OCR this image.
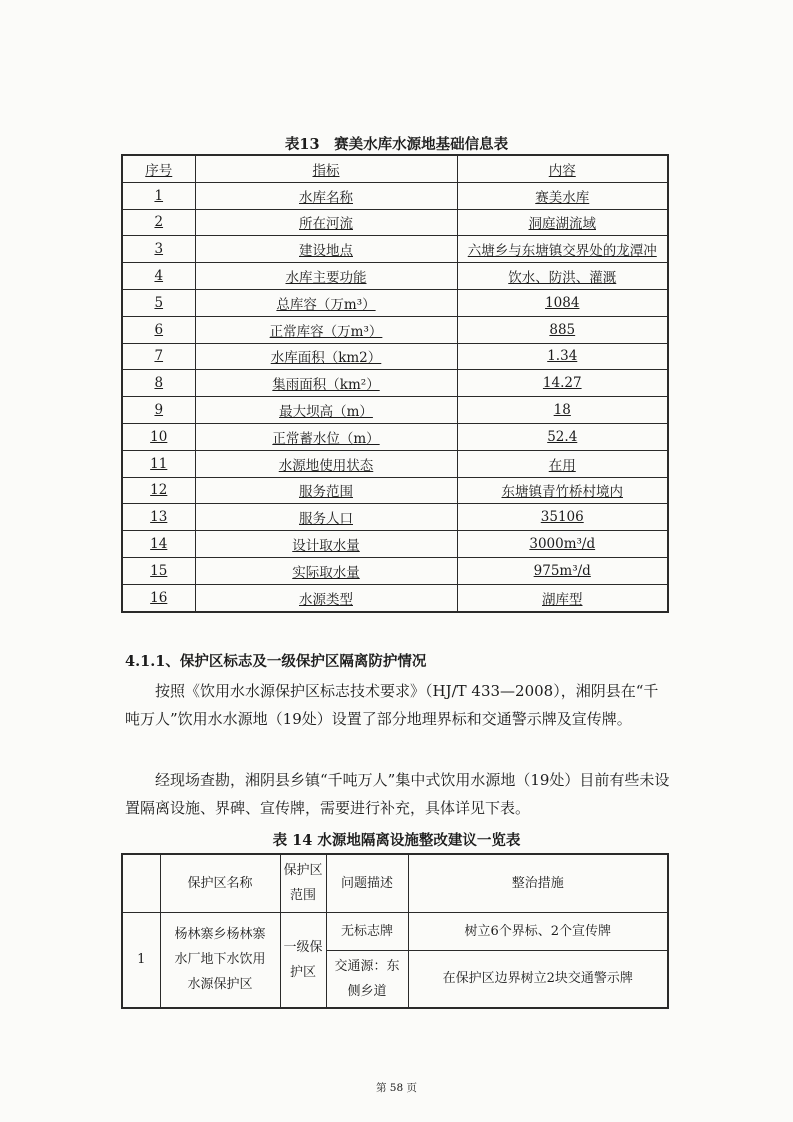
表13　赛美水库水源地基础信息表
序号	指标	内容
1	水库名称	赛美水库
2	所在河流	洞庭湖流域
3	建设地点	六塘乡与东塘镇交界处的龙潭冲
4	水库主要功能	饮水、防洪、灌溉
5	总库容（万m³）	1084
6	正常库容（万m³）	885
7	水库面积（km2）	1.34
8	集雨面积（km²）	14.27
9	最大坝高（m）	18
10	正常蓄水位（m）	52.4
11	水源地使用状态	在用
12	服务范围	东塘镇青竹桥村境内
13	服务人口	35106
14	设计取水量	3000m³/d
15	实际取水量	975m³/d
16	水源类型	湖库型
4.1.1、保护区标志及一级保护区隔离防护情况
按照《饮用水水源保护区标志技术要求》（HJ/T 433—2008），湘阴县在“千吨万人”饮用水水源地（19处）设置了部分地理界标和交通警示牌及宣传牌。
经现场查勘，湘阴县乡镇“千吨万人”集中式饮用水源地（19处）目前有些未设置隔离设施、界碑、宣传牌，需要进行补充，具体详见下表。
表 14 水源地隔离设施整改建议一览表
	保护区名称	保护区范围	问题描述	整治措施
1	杨林寨乡杨林寨水厂地下水饮用水源保护区	一级保护区	无标志牌	树立6个界标、2个宣传牌
			交通源：东侧乡道	在保护区边界树立2块交通警示牌
第 58 页
